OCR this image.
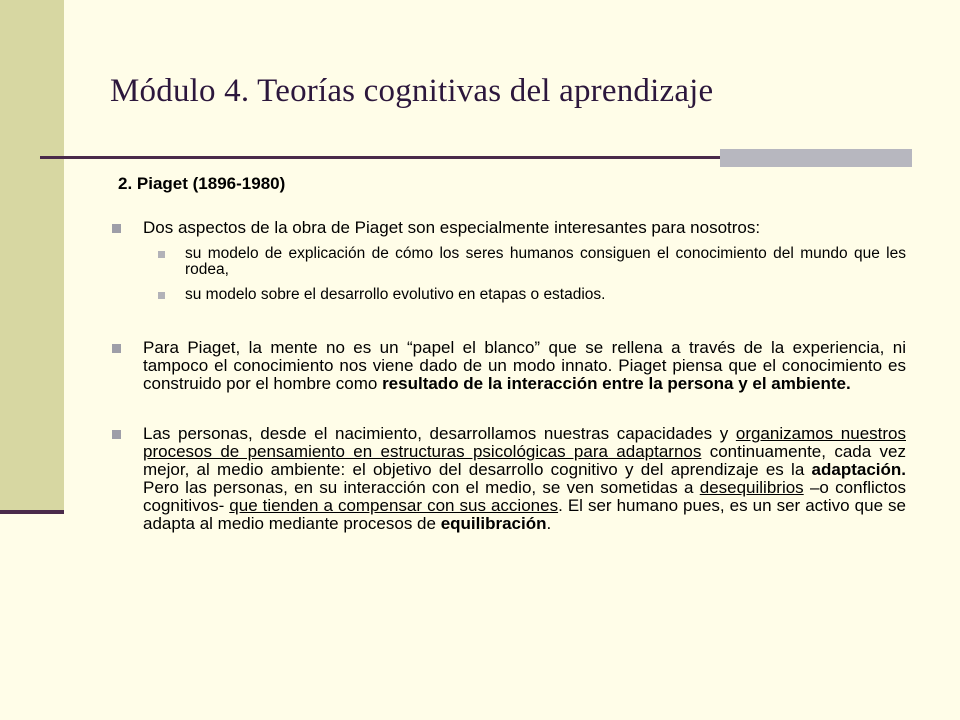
Módulo 4. Teorías cognitivas del aprendizaje

2. Piaget (1896-1980)

Dos aspectos de la obra de Piaget son especialmente interesantes para nosotros:
su modelo de explicación de cómo los seres humanos consiguen el conocimiento del mundo que les rodea,
su modelo sobre el desarrollo evolutivo en etapas o estadios.
Para Piaget, la mente no es un “papel el blanco” que se rellena a través de la experiencia, ni tampoco el conocimiento nos viene dado de un modo innato. Piaget piensa que el conocimiento es construido por el hombre como resultado de la interacción entre la persona y el ambiente.
Las personas, desde el nacimiento, desarrollamos nuestras capacidades y organizamos nuestros procesos de pensamiento en estructuras psicológicas para adaptarnos continuamente, cada vez mejor, al medio ambiente: el objetivo del desarrollo cognitivo y del aprendizaje es la adaptación. Pero las personas, en su interacción con el medio, se ven sometidas a desequilibrios –o conflictos cognitivos- que tienden a compensar con sus acciones. El ser humano pues, es un ser activo que se adapta al medio mediante procesos de equilibración.
